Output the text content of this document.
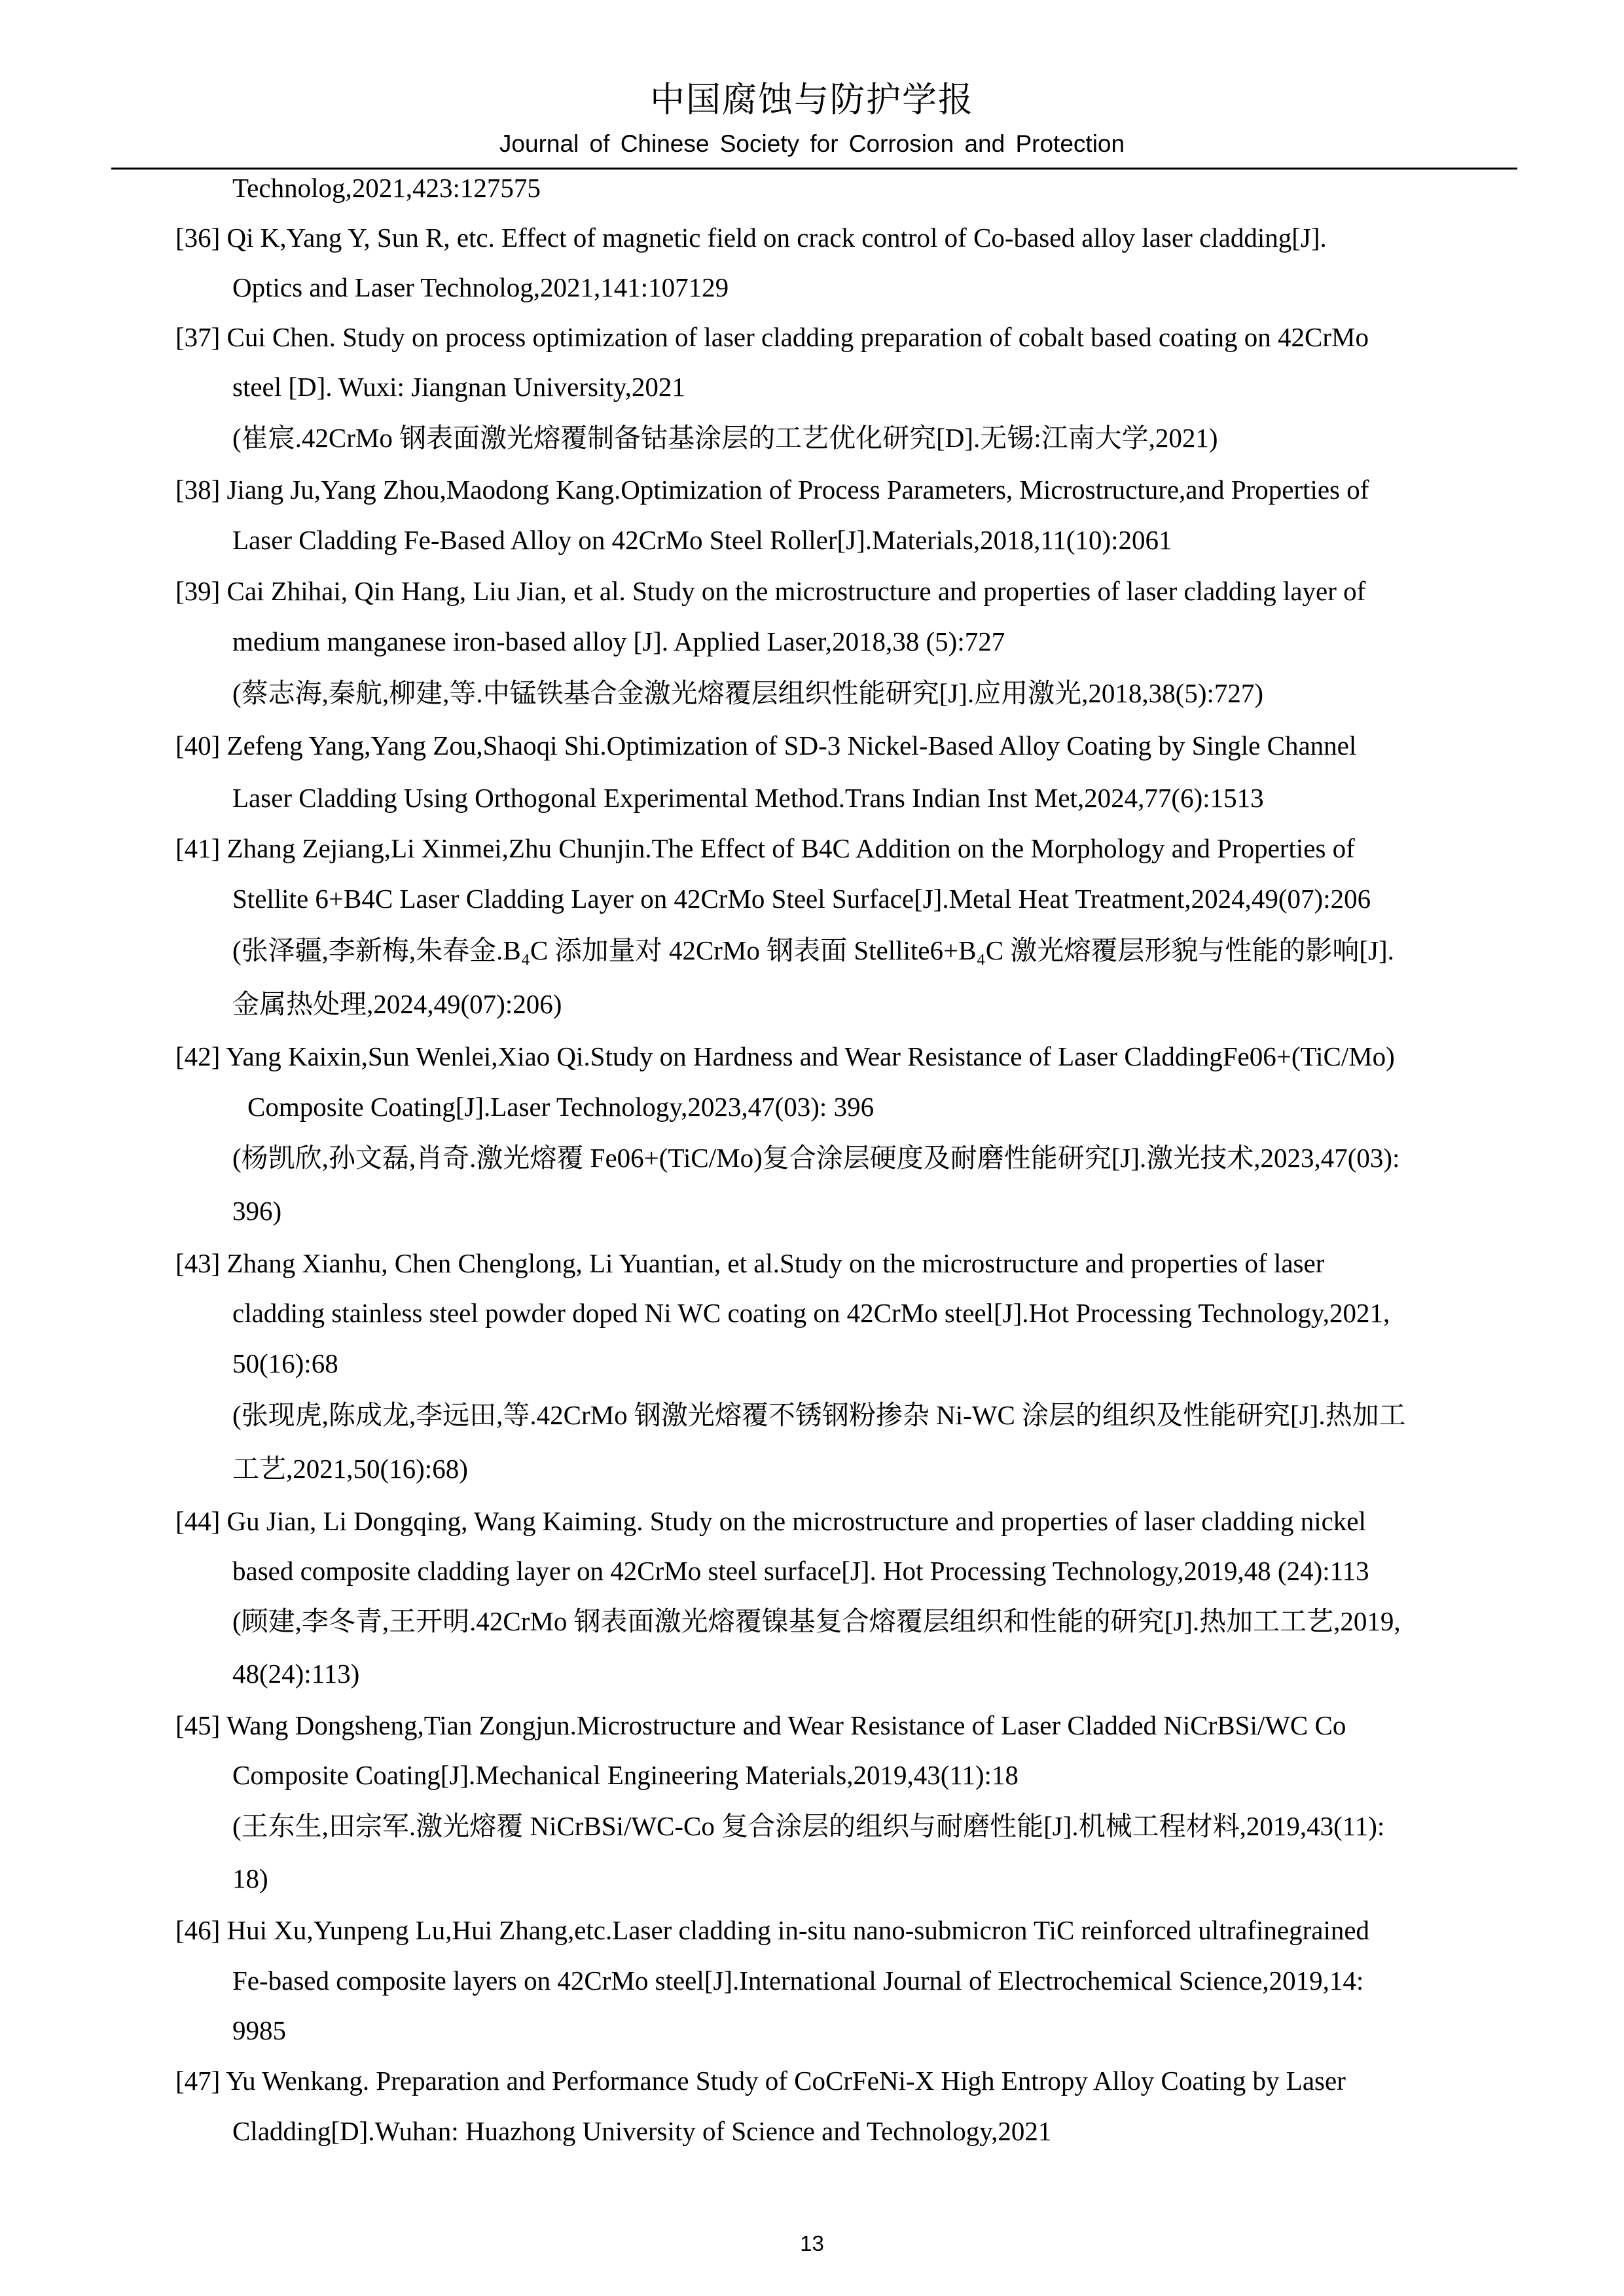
中国腐蚀与防护学报
Journal of Chinese Society for Corrosion and Protection
Technolog,2021,423:127575
[36] Qi K,Yang Y, Sun R, etc. Effect of magnetic field on crack control of Co-based alloy laser cladding[J].
Optics and Laser Technolog,2021,141:107129
[37] Cui Chen. Study on process optimization of laser cladding preparation of cobalt based coating on 42CrMo
steel [D]. Wuxi: Jiangnan University,2021
(崔宸.42CrMo 钢表面激光熔覆制备钴基涂层的工艺优化研究[D].无锡:江南大学,2021)
[38] Jiang Ju,Yang Zhou,Maodong Kang.Optimization of Process Parameters, Microstructure,and Properties of
Laser Cladding Fe-Based Alloy on 42CrMo Steel Roller[J].Materials,2018,11(10):2061
[39] Cai Zhihai, Qin Hang, Liu Jian, et al. Study on the microstructure and properties of laser cladding layer of
medium manganese iron-based alloy [J]. Applied Laser,2018,38 (5):727
(蔡志海,秦航,柳建,等.中锰铁基合金激光熔覆层组织性能研究[J].应用激光,2018,38(5):727)
[40] Zefeng Yang,Yang Zou,Shaoqi Shi.Optimization of SD‑3 Nickel‑Based Alloy Coating by Single Channel
Laser Cladding Using Orthogonal Experimental Method.Trans Indian Inst Met,2024,77(6):1513
[41] Zhang Zejiang,Li Xinmei,Zhu Chunjin.The Effect of B4C Addition on the Morphology and Properties of
Stellite 6+B4C Laser Cladding Layer on 42CrMo Steel Surface[J].Metal Heat Treatment,2024,49(07):206
(张泽疆,李新梅,朱春金.B₄C 添加量对 42CrMo 钢表面 Stellite6+B₄C 激光熔覆层形貌与性能的影响[J].
金属热处理,2024,49(07):206)
[42] Yang Kaixin,Sun Wenlei,Xiao Qi.Study on Hardness and Wear Resistance of Laser CladdingFe06+(TiC/Mo)
Composite Coating[J].Laser Technology,2023,47(03): 396
(杨凯欣,孙文磊,肖奇.激光熔覆 Fe06+(TiC/Mo)复合涂层硬度及耐磨性能研究[J].激光技术,2023,47(03):
396)
[43] Zhang Xianhu, Chen Chenglong, Li Yuantian, et al.Study on the microstructure and properties of laser
cladding stainless steel powder doped Ni WC coating on 42CrMo steel[J].Hot Processing Technology,2021,
50(16):68
(张现虎,陈成龙,李远田,等.42CrMo 钢激光熔覆不锈钢粉掺杂 Ni-WC 涂层的组织及性能研究[J].热加工
工艺,2021,50(16):68)
[44] Gu Jian, Li Dongqing, Wang Kaiming. Study on the microstructure and properties of laser cladding nickel
based composite cladding layer on 42CrMo steel surface[J]. Hot Processing Technology,2019,48 (24):113
(顾建,李冬青,王开明.42CrMo 钢表面激光熔覆镍基复合熔覆层组织和性能的研究[J].热加工工艺,2019,
48(24):113)
[45] Wang Dongsheng,Tian Zongjun.Microstructure and Wear Resistance of Laser Cladded NiCrBSi/WC Co
Composite Coating[J].Mechanical Engineering Materials,2019,43(11):18
(王东生,田宗军.激光熔覆 NiCrBSi/WC-Co 复合涂层的组织与耐磨性能[J].机械工程材料,2019,43(11):
18)
[46] Hui Xu,Yunpeng Lu,Hui Zhang,etc.Laser cladding in-situ nano-submicron TiC reinforced ultrafinegrained
Fe-based composite layers on 42CrMo steel[J].International Journal of Electrochemical Science,2019,14:
9985
[47] Yu Wenkang. Preparation and Performance Study of CoCrFeNi-X High Entropy Alloy Coating by Laser
Cladding[D].Wuhan: Huazhong University of Science and Technology,2021
13
